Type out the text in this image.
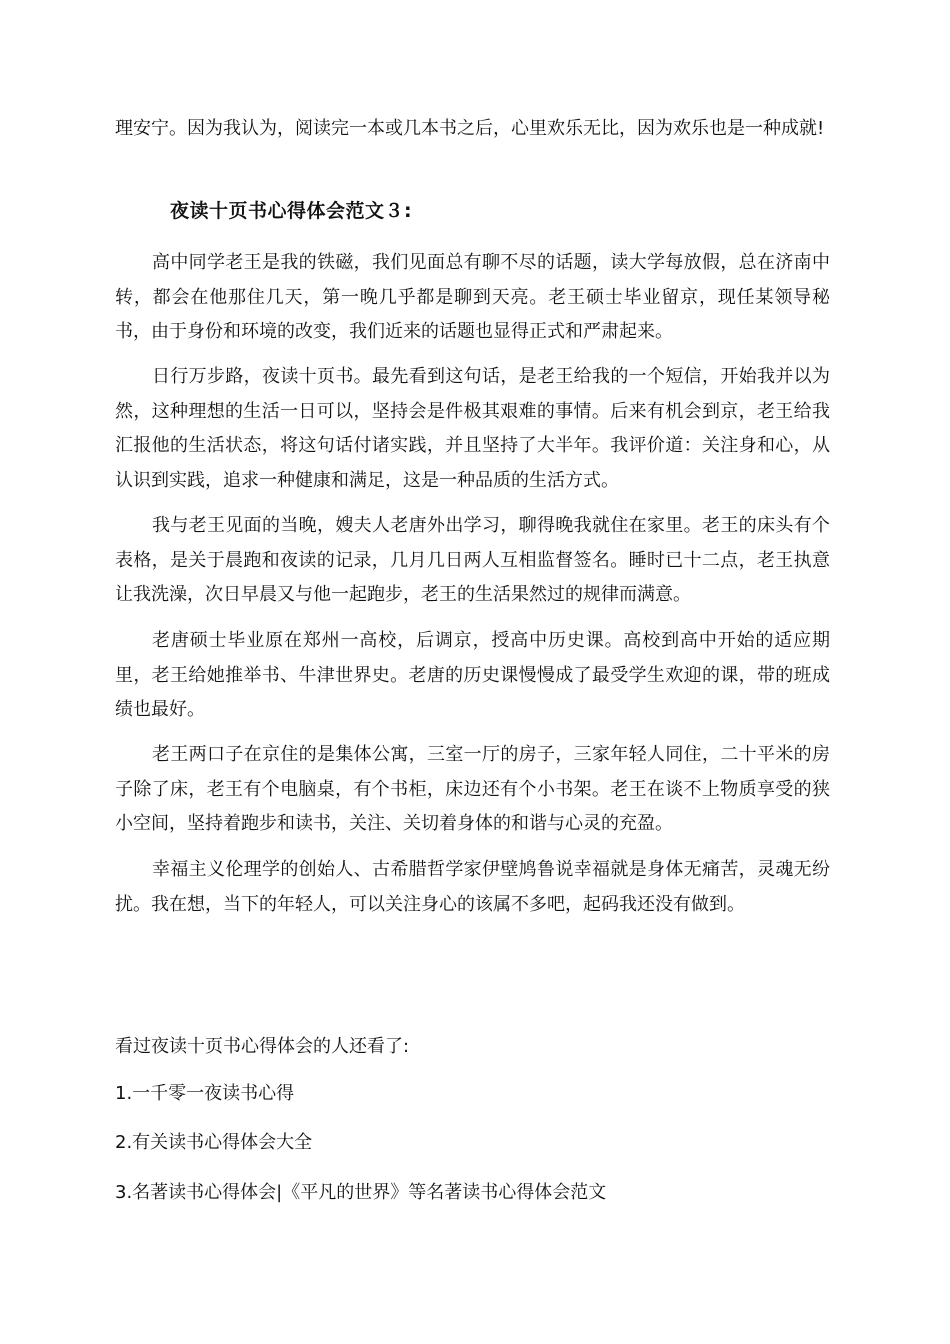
理安宁。因为我认为，阅读完一本或几本书之后，心里欢乐无比，因为欢乐也是一种成就!

夜读十页书心得体会范文３:

高中同学老王是我的铁磁，我们见面总有聊不尽的话题，读大学每放假，总在济南中转，都会在他那住几天，第一晚几乎都是聊到天亮。老王硕士毕业留京，现任某领导秘书，由于身份和环境的改变，我们近来的话题也显得正式和严肃起来。

日行万步路，夜读十页书。最先看到这句话，是老王给我的一个短信，开始我并以为然，这种理想的生活一日可以，坚持会是件极其艰难的事情。后来有机会到京，老王给我汇报他的生活状态，将这句话付诸实践，并且坚持了大半年。我评价道：关注身和心，从认识到实践，追求一种健康和满足，这是一种品质的生活方式。

我与老王见面的当晚，嫂夫人老唐外出学习，聊得晚我就住在家里。老王的床头有个表格，是关于晨跑和夜读的记录，几月几日两人互相监督签名。睡时已十二点，老王执意让我洗澡，次日早晨又与他一起跑步，老王的生活果然过的规律而满意。

老唐硕士毕业原在郑州一高校，后调京，授高中历史课。高校到高中开始的适应期里，老王给她推举书、牛津世界史。老唐的历史课慢慢成了最受学生欢迎的课，带的班成绩也最好。

老王两口子在京住的是集体公寓，三室一厅的房子，三家年轻人同住，二十平米的房子除了床，老王有个电脑桌，有个书柜，床边还有个小书架。老王在谈不上物质享受的狭小空间，坚持着跑步和读书，关注、关切着身体的和谐与心灵的充盈。

幸福主义伦理学的创始人、古希腊哲学家伊壁鸠鲁说幸福就是身体无痛苦，灵魂无纷扰。我在想，当下的年轻人，可以关注身心的该属不多吧，起码我还没有做到。

看过夜读十页书心得体会的人还看了:

1.一千零一夜读书心得

2.有关读书心得体会大全

3.名著读书心得体会|《平凡的世界》等名著读书心得体会范文
